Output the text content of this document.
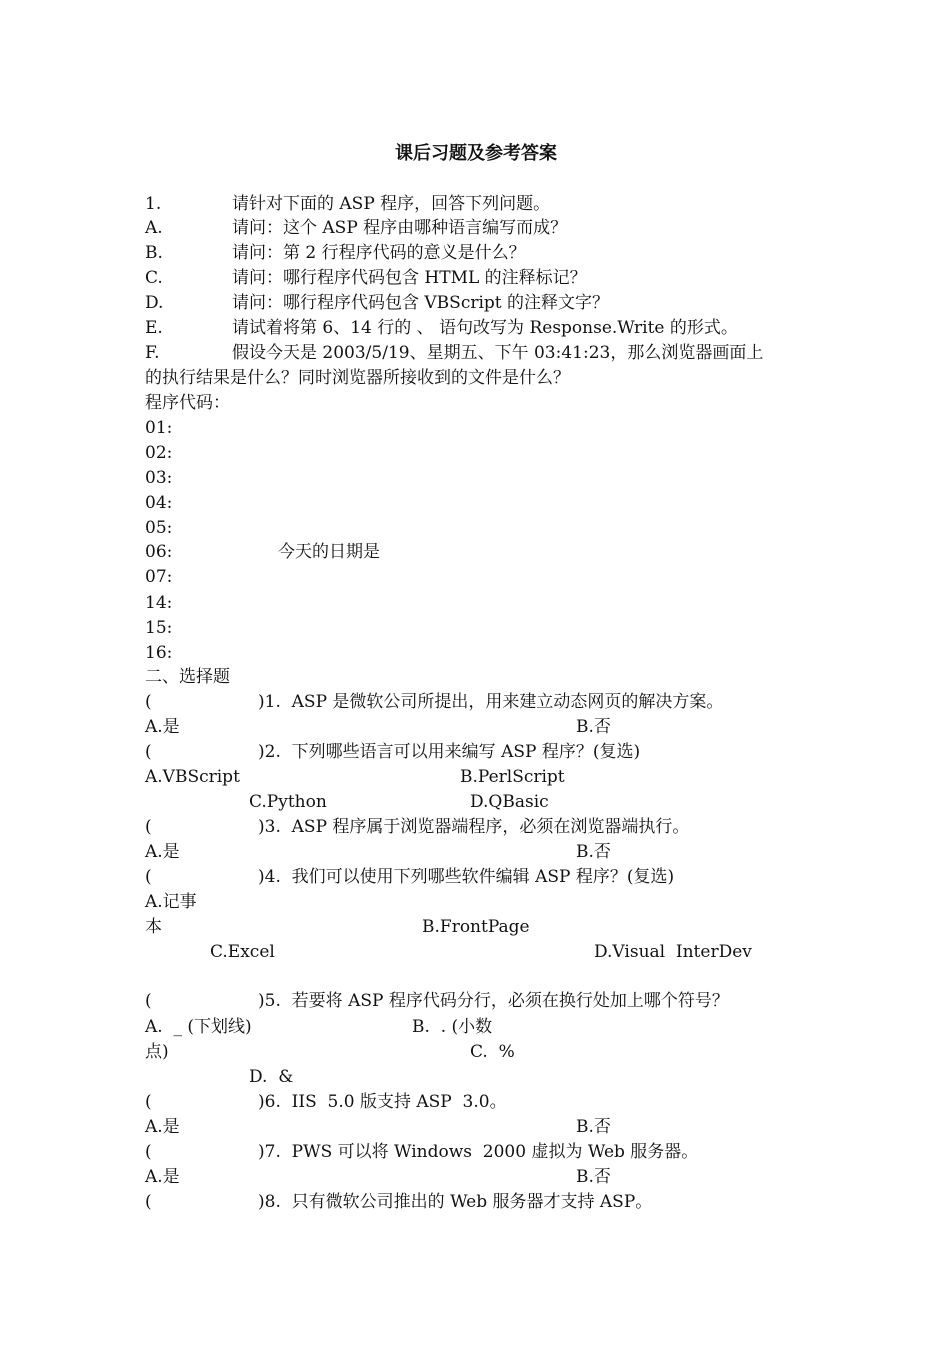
课后习题及参考答案
1.	请针对下面的 ASP 程序，回答下列问题。
A.	请问：这个 ASP 程序由哪种语言编写而成？
B.	请问：第 2 行程序代码的意义是什么？
C.	请问：哪行程序代码包含 HTML 的注释标记？
D.	请问：哪行程序代码包含 VBScript 的注释文字？
E.	请试着将第 6、14 行的 、 语句改写为 Response.Write 的形式。
F.	假设今天是 2003/5/19、星期五、下午 03:41:23，那么浏览器画面上
的执行结果是什么？同时浏览器所接收到的文件是什么？
程序代码：
01:
02:
03:
04:
05:
06:	今天的日期是
07:
14:
15:
16:
二、选择题
(	)1.  ASP 是微软公司所提出，用来建立动态网页的解决方案。
A.是	B.否
(	)2.  下列哪些语言可以用来编写 ASP 程序？(复选)
A.VBScript	B.PerlScript
C.Python	D.QBasic
(	)3.  ASP 程序属于浏览器端程序，必须在浏览器端执行。
A.是	B.否
(	)4.  我们可以使用下列哪些软件编辑 ASP 程序？(复选)
A.记事
本	B.FrontPage
C.Excel	D.Visual  InterDev
(	)5.  若要将 ASP 程序代码分行，必须在换行处加上哪个符号？
A.  _ (下划线)	B.  . (小数
点)	C.  %
D.  &
(	)6.  IIS  5.0 版支持 ASP  3.0。
A.是	B.否
(	)7.  PWS 可以将 Windows  2000 虚拟为 Web 服务器。
A.是	B.否
(	)8.  只有微软公司推出的 Web 服务器才支持 ASP。
